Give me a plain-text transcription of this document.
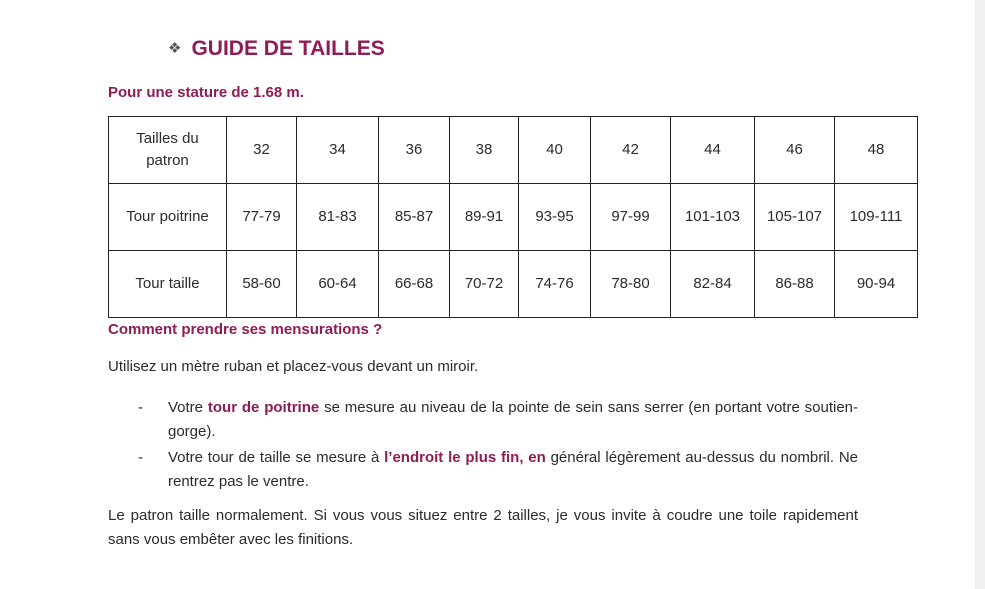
❖ GUIDE DE TAILLES
Pour une stature de 1.68 m.
Tailles du
patron	32	34	36	38	40	42	44	46	48
Tour poitrine	77-79	81-83	85-87	89-91	93-95	97-99	101-103	105-107	109-111
Tour taille	58-60	60-64	66-68	70-72	74-76	78-80	82-84	86-88	90-94
Comment prendre ses mensurations ?
Utilisez un mètre ruban et placez-vous devant un miroir.
- Votre tour de poitrine se mesure au niveau de la pointe de sein sans serrer (en portant votre soutien-gorge).
- Votre tour de taille se mesure à l’endroit le plus fin, en général légèrement au-dessus du nombril. Ne rentrez pas le ventre.
Le patron taille normalement. Si vous vous situez entre 2 tailles, je vous invite à coudre une toile rapidement sans vous embêter avec les finitions.
